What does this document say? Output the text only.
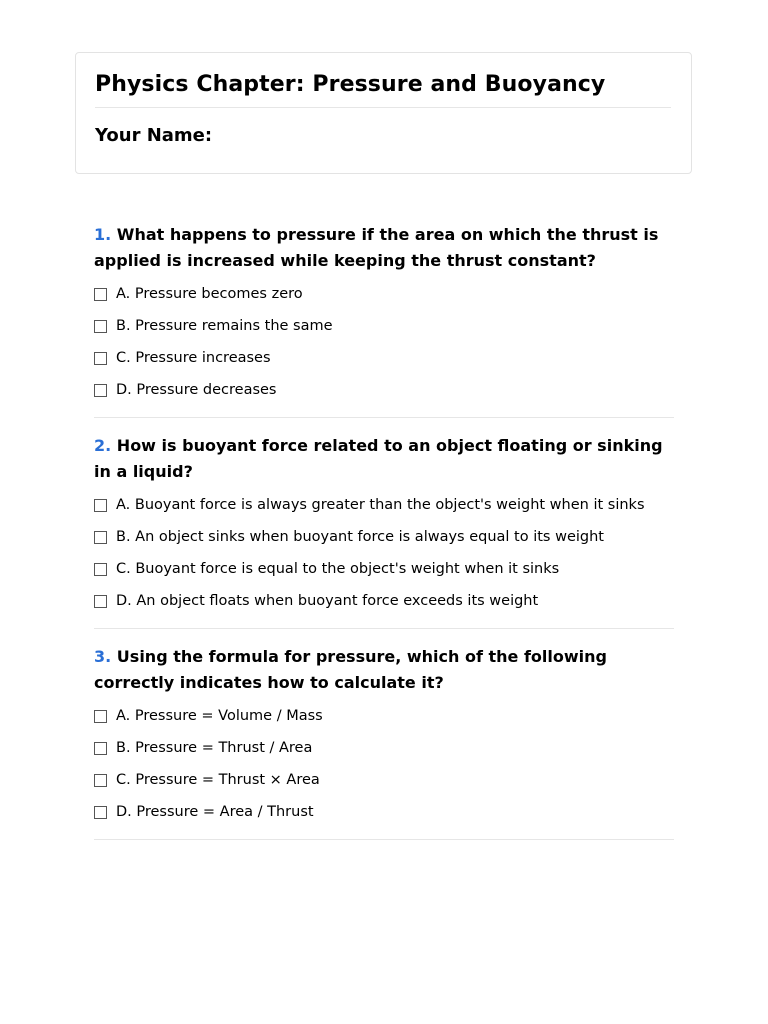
Physics Chapter: Pressure and Buoyancy
Your Name:

1. What happens to pressure if the area on which the thrust is applied is increased while keeping the thrust constant?

A. Pressure becomes zero
B. Pressure remains the same
C. Pressure increases
D. Pressure decreases

2. How is buoyant force related to an object floating or sinking in a liquid?

A. Buoyant force is always greater than the object's weight when it sinks
B. An object sinks when buoyant force is always equal to its weight
C. Buoyant force is equal to the object's weight when it sinks
D. An object floats when buoyant force exceeds its weight

3. Using the formula for pressure, which of the following correctly indicates how to calculate it?

A. Pressure = Volume / Mass
B. Pressure = Thrust / Area
C. Pressure = Thrust × Area
D. Pressure = Area / Thrust
